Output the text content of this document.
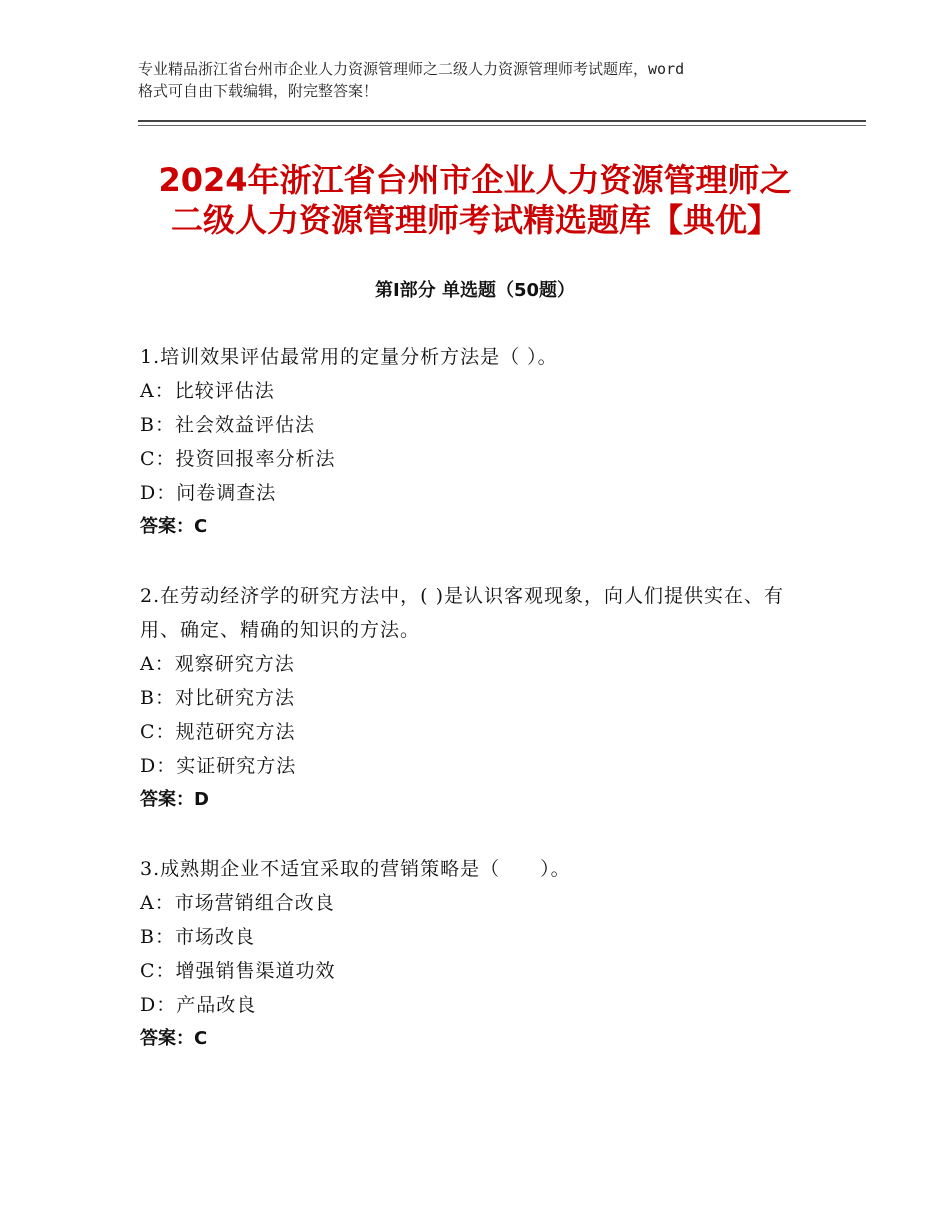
专业精品浙江省台州市企业人力资源管理师之二级人力资源管理师考试题库，word
格式可自由下载编辑，附完整答案！
2024年浙江省台州市企业人力资源管理师之
二级人力资源管理师考试精选题库【典优】
第Ⅰ部分 单选题（50题）
1.培训效果评估最常用的定量分析方法是（ ）。
A：比较评估法
B：社会效益评估法
C：投资回报率分析法
D：问卷调查法
答案：C
2.在劳动经济学的研究方法中，( )是认识客观现象，向人们提供实在、有用、确定、精确的知识的方法。
A：观察研究方法
B：对比研究方法
C：规范研究方法
D：实证研究方法
答案：D
3.成熟期企业不适宜采取的营销策略是（　　）。
A：市场营销组合改良
B：市场改良
C：增强销售渠道功效
D：产品改良
答案：C
